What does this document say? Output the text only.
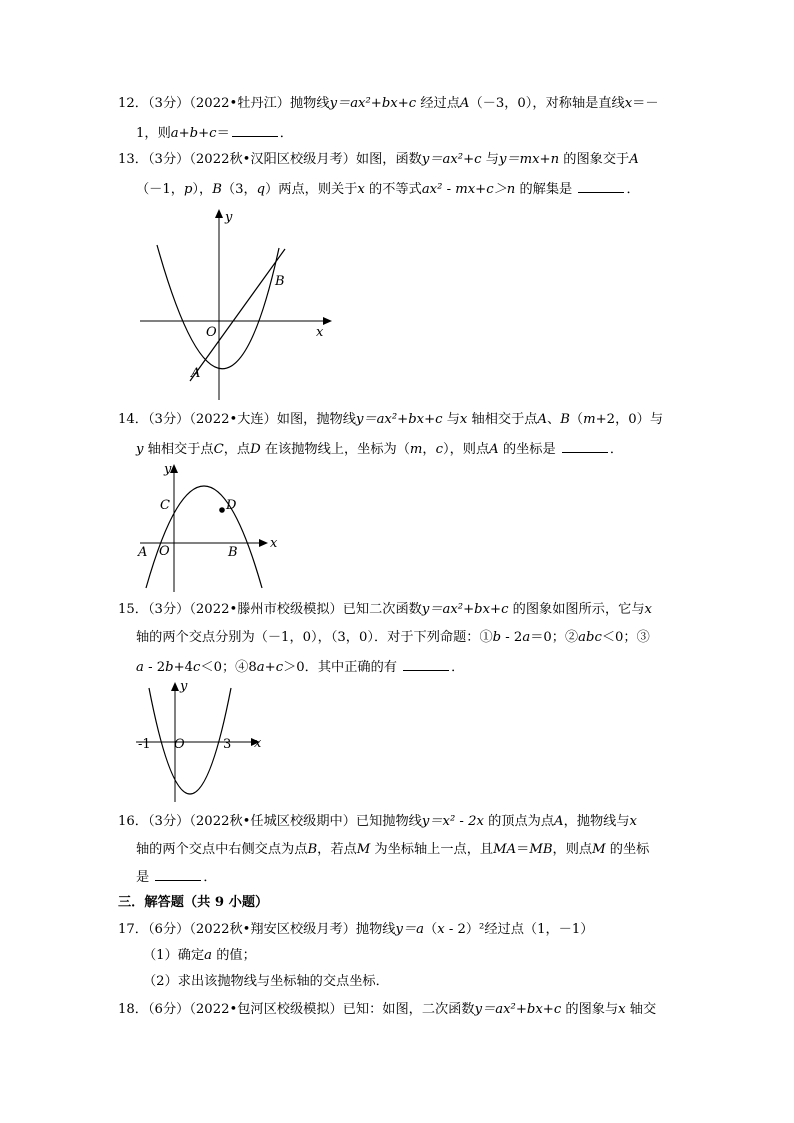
12．（3分）（2022•牡丹江）抛物线y＝ax²+bx+c 经过点A（－3，0），对称轴是直线x＝－
1，则a+b+c＝	．
13．（3分）（2022秋•汉阳区校级月考）如图，函数y＝ax²+c 与y＝mx+n 的图象交于A
（－1，p），B（3，q）两点，则关于x 的不等式ax² - mx+c＞n 的解集是	．
y
x
O
A
B
14．（3分）（2022•大连）如图，抛物线y＝ax²+bx+c 与x 轴相交于点A、B（m+2，0）与
y 轴相交于点C，点D 在该抛物线上，坐标为（m，c），则点A 的坐标是	．
y
x
C	D
A O	B
15．（3分）（2022•滕州市校级模拟）已知二次函数y＝ax²+bx+c 的图象如图所示，它与x
轴的两个交点分别为（－1，0），（3，0）．对于下列命题：①b - 2a＝0；②abc＜0；③
a - 2b+4c＜0；④8a+c＞0．其中正确的有	．
y
x
-1 O	3
16．（3分）（2022秋•任城区校级期中）已知抛物线y＝x² - 2x 的顶点为点A，抛物线与x
轴的两个交点中右侧交点为点B，若点M 为坐标轴上一点，且MA＝MB，则点M 的坐标
是	．
三．解答题（共 9 小题）
17．（6分）（2022秋•翔安区校级月考）抛物线y＝a（x - 2）²经过点（1，－1）
（1）确定a 的值；
（2）求出该抛物线与坐标轴的交点坐标．
18．（6分）（2022•包河区校级模拟）已知：如图，二次函数y＝ax²+bx+c 的图象与x 轴交
